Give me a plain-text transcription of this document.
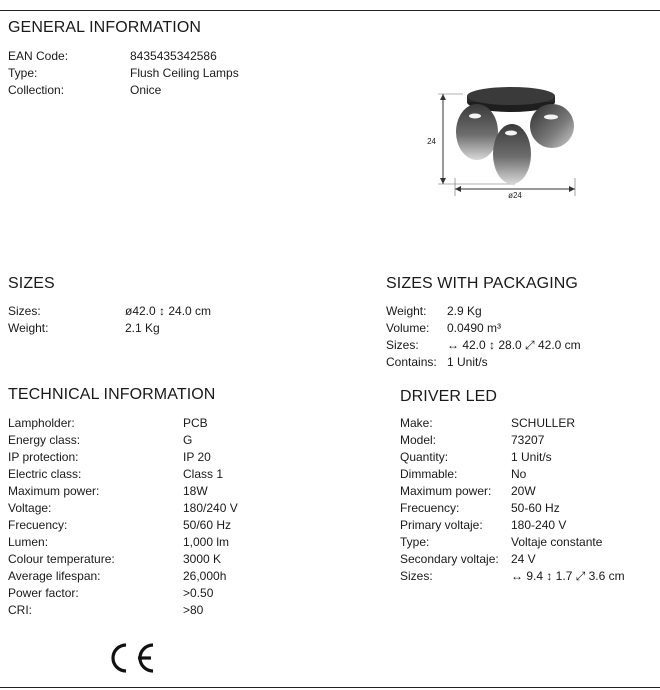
GENERAL INFORMATION
EAN Code:	8435435342586
Type:	Flush Ceiling Lamps
Collection:	Onice
24
ø24
SIZES
Sizes:	ø42.0 ↕ 24.0 cm
Weight:	2.1 Kg
SIZES WITH PACKAGING
Weight: 2.9 Kg
Volume: 0.0490 m³
Sizes: ↔ 42.0 ↕ 28.0 ⤢ 42.0 cm
Contains: 1 Unit/s
TECHNICAL INFORMATION
Lampholder:	PCB
Energy class:	G
IP protection:	IP 20
Electric class:	Class 1
Maximum power:	18W
Voltage:	180/240 V
Frecuency:	50/60 Hz
Lumen:	1,000 lm
Colour temperature:	3000 K
Average lifespan:	26,000h
Power factor:	>0.50
CRI:	>80
DRIVER LED
Make:	SCHULLER
Model:	73207
Quantity:	1 Unit/s
Dimmable:	No
Maximum power: 20W
Frecuency:	50-60 Hz
Primary voltaje: 180-240 V
Type:	Voltaje constante
Secondary voltaje: 24 V
Sizes:	↔ 9.4 ↕ 1.7 ⤢ 3.6 cm
